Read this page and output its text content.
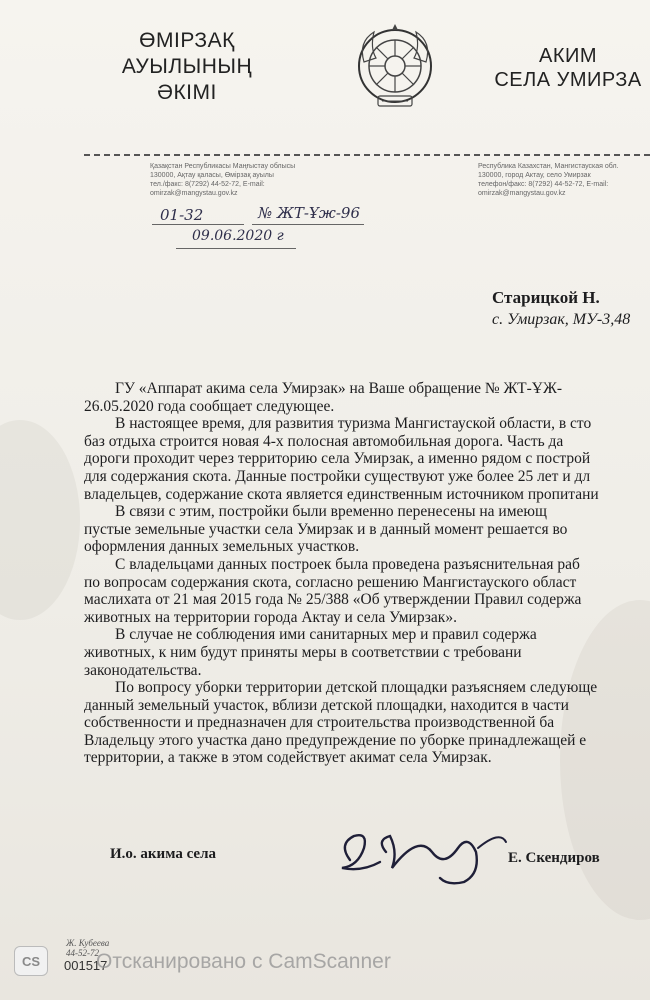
ӨМІРЗАҚ АУЫЛЫНЫҢ
ӘКІМІ
АКИМ
СЕЛА УМИРЗА
Қазақстан Республикасы Маңғыстау облысы
130000, Ақтау қаласы, Өмірзақ ауылы
тел./факс: 8(7292) 44-52-72, E-mail: omirzak@mangystau.gov.kz
Республика Казахстан, Мангистауская обл.
130000, город Актау, село Умирзак
телефон/факс: 8(7292) 44-52-72, E-mail: omirzak@mangystau.gov.kz
01-32	№ ЖТ-Ұж-96
09.06.2020 г
Старицкой Н.
с. Умирзак, МУ-3,48

ГУ «Аппарат акима села Умирзак» на Ваше обращение № ЖТ-ҰЖ-

26.05.2020 года сообщает следующее.

В настоящее время, для развития туризма Мангистауской области, в сто

баз отдыха строится новая 4-х полосная автомобильная дорога. Часть да

дороги проходит через территорию села Умирзак, а именно рядом с построй

для содержания скота. Данные постройки существуют уже более 25 лет и дл

владельцев, содержание скота является единственным источником пропитани

В связи с этим, постройки были временно перенесены на имеющ

пустые земельные участки села Умирзак и в данный момент решается во

оформления данных земельных участков.

С владельцами данных построек была проведена разъяснительная раб

по вопросам содержания скота, согласно решению Мангистауского област

маслихата от 21 мая 2015 года № 25/388 «Об утверждении Правил содержа

животных на территории города Актау и села Умирзак».

В случае не соблюдения ими санитарных мер и правил содержа

животных, к ним будут приняты меры в соответствии с требовани

законодательства.

По вопросу уборки территории детской площадки разъясняем следующе

данный земельный участок, вблизи детской площадки, находится в части

собственности и предназначен для строительства производственной ба

Владельцу этого участка дано предупреждение по уборке принадлежащей е

территории, а также в этом содействует акимат села Умирзак.

И.о. акима села	Е. Скендиров
Ж. Кубеева
44-52-72
001517
CS	Отсканировано с CamScanner
